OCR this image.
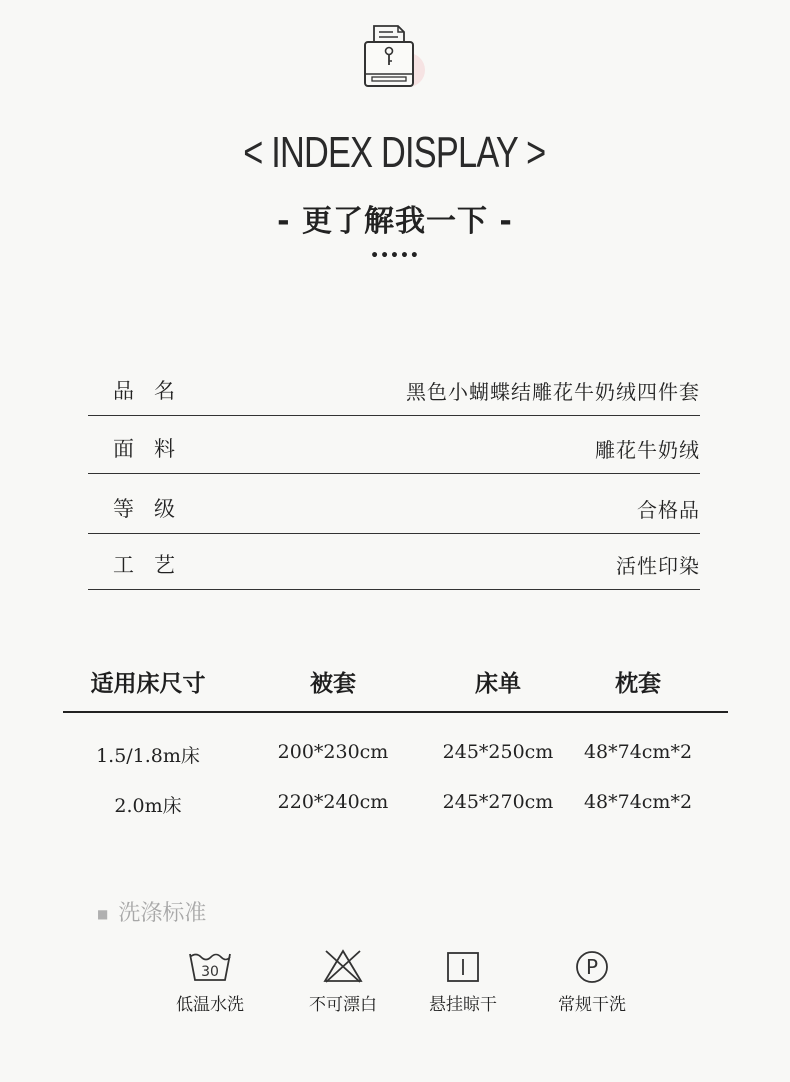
< INDEX DISPLAY >
- 更了解我一下 -
•••••
品名	黑色小蝴蝶结雕花牛奶绒四件套
面料	雕花牛奶绒
等级	合格品
工艺	活性印染
适用床尺寸	被套	床单	枕套
1.5/1.8m床	200*230cm	245*250cm	48*74cm*2
2.0m床	220*240cm	245*270cm	48*74cm*2
■ 洗涤标准
30
低温水洗	不可漂白	悬挂晾干
P
常规干洗
